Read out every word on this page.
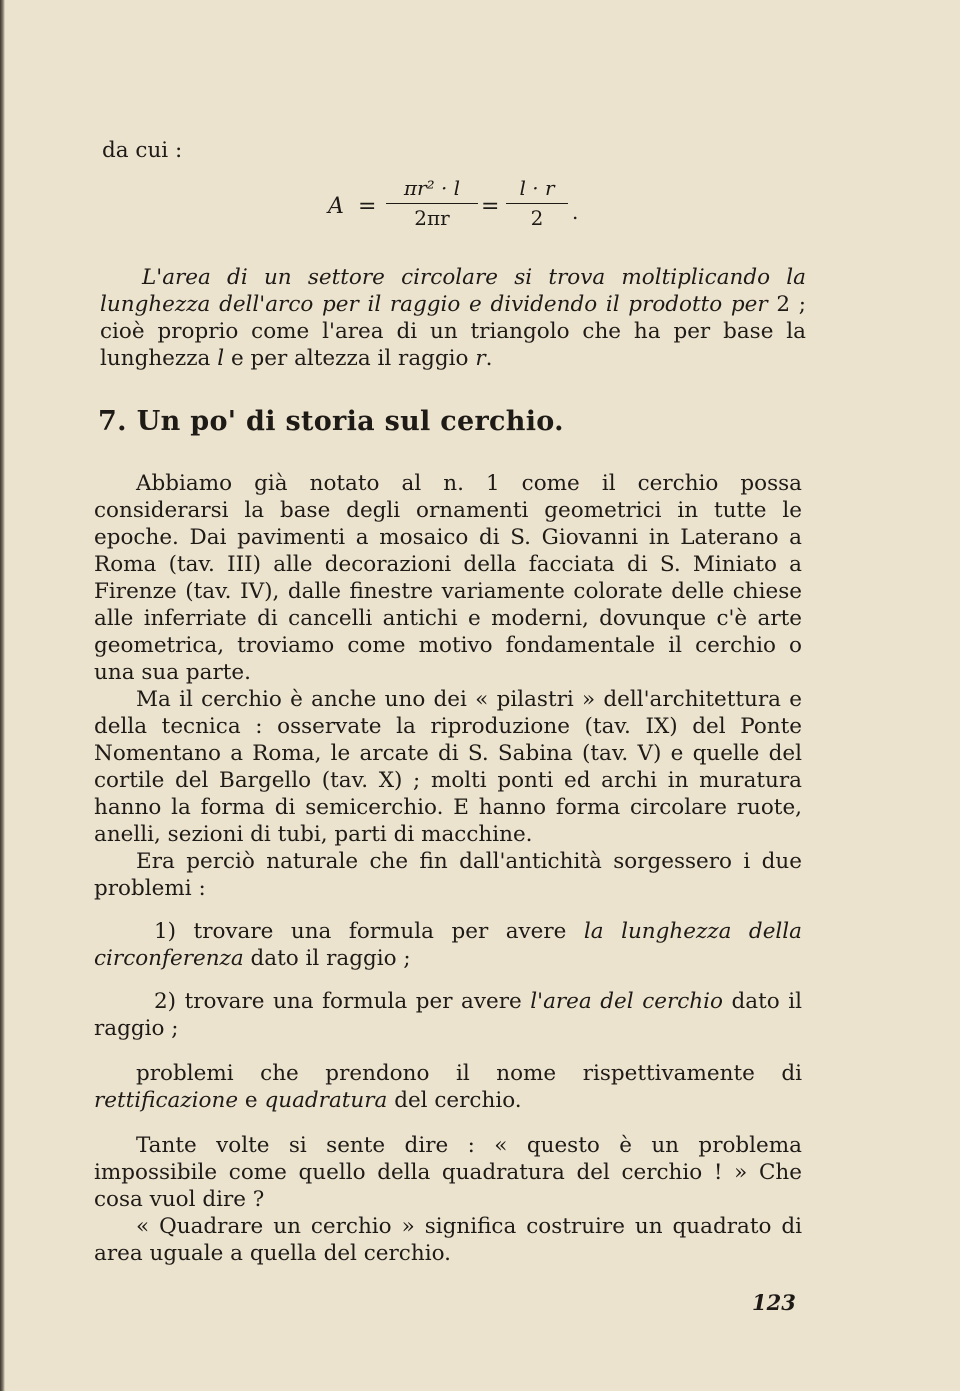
da cui :
A =
πr² · l
2πr	=
l · r
2	.

L'area di un settore circolare si trova moltiplicando la lunghezza dell'arco per il raggio e dividendo il prodotto per 2 ; cioè proprio come l'area di un triangolo che ha per base la lunghezza l e per altezza il raggio r.

7. Un po' di storia sul cerchio.

Abbiamo già notato al n. 1 come il cerchio possa considerarsi la base degli ornamenti geometrici in tutte le epoche. Dai pavimenti a mosaico di S. Giovanni in Laterano a Roma (tav. III) alle decorazioni della facciata di S. Miniato a Firenze (tav. IV), dalle finestre variamente colorate delle chiese alle inferriate di cancelli antichi e moderni, dovunque c'è arte geometrica, troviamo come motivo fondamentale il cerchio o una sua parte.

Ma il cerchio è anche uno dei « pilastri » dell'architettura e della tecnica : osservate la riproduzione (tav. IX) del Ponte Nomentano a Roma, le arcate di S. Sabina (tav. V) e quelle del cortile del Bargello (tav. X) ; molti ponti ed archi in muratura hanno la forma di semicerchio. E hanno forma circolare ruote, anelli, sezioni di tubi, parti di macchine.

Era perciò naturale che fin dall'antichità sorgessero i due problemi :

1) trovare una formula per avere la lunghezza della circonferenza dato il raggio ;

2) trovare una formula per avere l'area del cerchio dato il raggio ;

problemi che prendono il nome rispettivamente di rettificazione e quadratura del cerchio.

Tante volte si sente dire : « questo è un problema impossibile come quello della quadratura del cerchio ! » Che cosa vuol dire ?

« Quadrare un cerchio » significa costruire un quadrato di area uguale a quella del cerchio.

123
